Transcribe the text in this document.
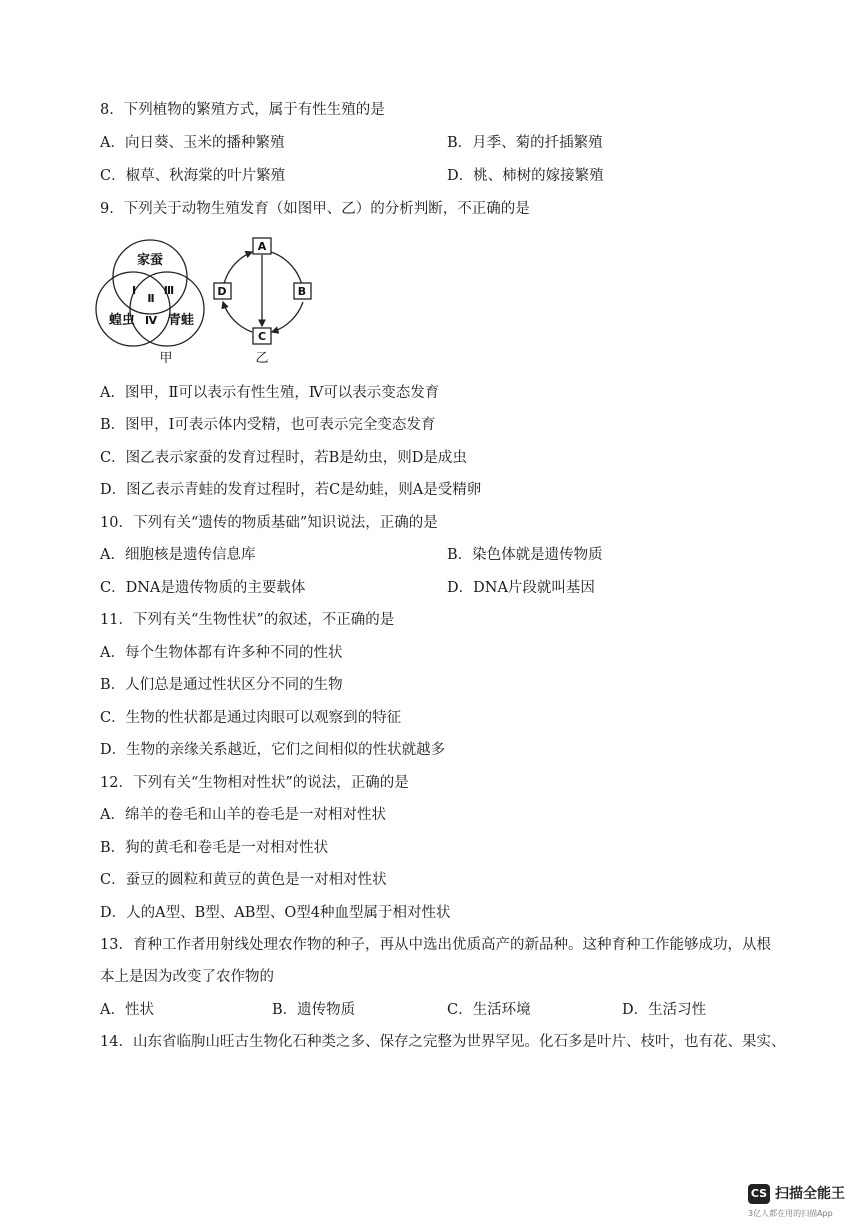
8．下列植物的繁殖方式，属于有性生殖的是
A．向日葵、玉米的播种繁殖	B．月季、菊的扦插繁殖
C．椒草、秋海棠的叶片繁殖	D．桃、柿树的嫁接繁殖
9．下列关于动物生殖发育（如图甲、乙）的分析判断，不正确的是
家蚕
蝗虫	青蛙
Ⅰ
Ⅱ
Ⅲ
Ⅳ
甲
A
B
C
D
乙
A．图甲，Ⅱ可以表示有性生殖，Ⅳ可以表示变态发育
B．图甲，Ⅰ可表示体内受精，也可表示完全变态发育
C．图乙表示家蚕的发育过程时，若B是幼虫，则D是成虫
D．图乙表示青蛙的发育过程时，若C是幼蛙，则A是受精卵
10．下列有关“遗传的物质基础”知识说法，正确的是
A．细胞核是遗传信息库	B．染色体就是遗传物质
C．DNA是遗传物质的主要载体	D．DNA片段就叫基因
11．下列有关“生物性状”的叙述，不正确的是
A．每个生物体都有许多种不同的性状
B．人们总是通过性状区分不同的生物
C．生物的性状都是通过肉眼可以观察到的特征
D．生物的亲缘关系越近，它们之间相似的性状就越多
12．下列有关“生物相对性状”的说法，正确的是
A．绵羊的卷毛和山羊的卷毛是一对相对性状
B．狗的黄毛和卷毛是一对相对性状
C．蚕豆的圆粒和黄豆的黄色是一对相对性状
D．人的A型、B型、AB型、O型4种血型属于相对性状
13．育种工作者用射线处理农作物的种子，再从中选出优质高产的新品种。这种育种工作能够成功，从根
本上是因为改变了农作物的
A．性状	B．遗传物质	C．生活环境	D．生活习性
14．山东省临朐山旺古生物化石种类之多、保存之完整为世界罕见。化石多是叶片、枝叶，也有花、果实、
CS 扫描全能王
3亿人都在用的扫描App
